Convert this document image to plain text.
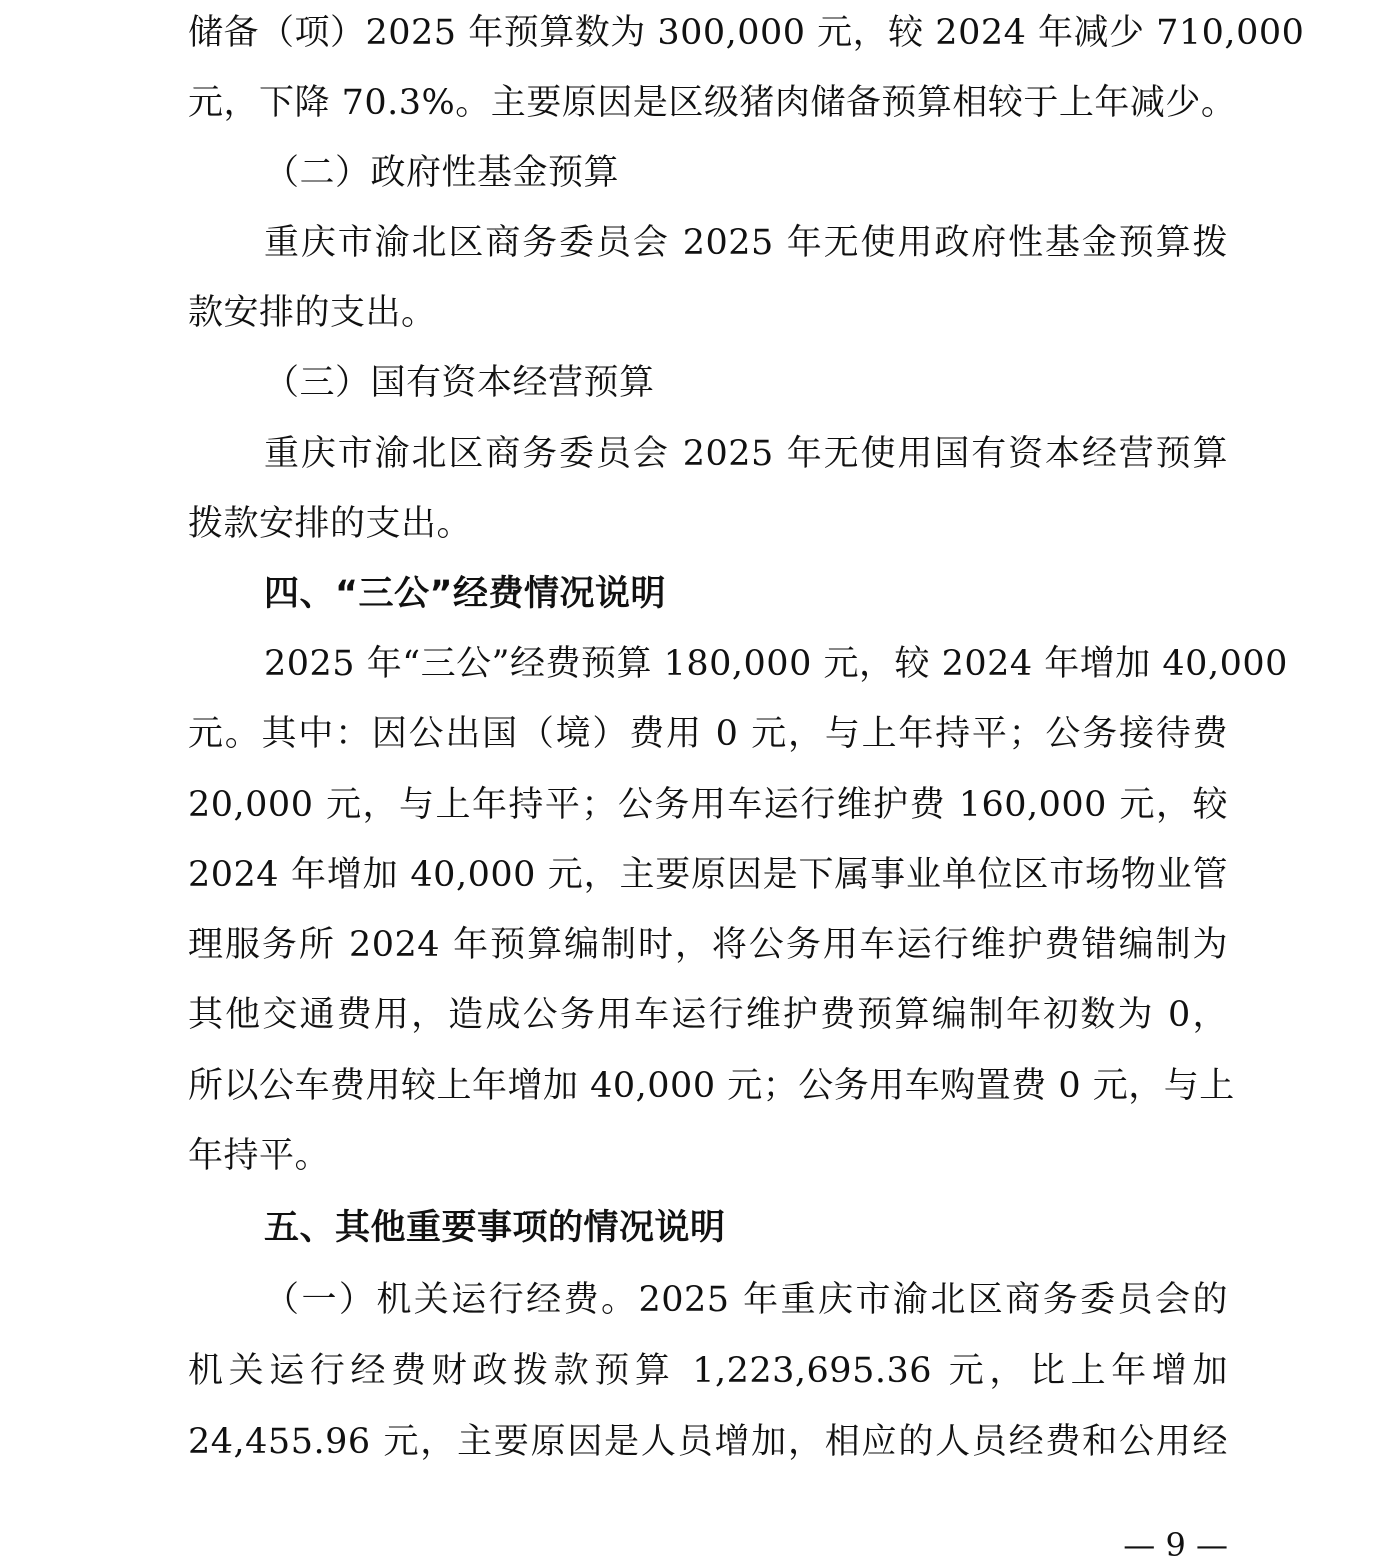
储备（项）2025 年预算数为 300,000 元，较 2024 年减少 710,000
元，下降 70.3%。主要原因是区级猪肉储备预算相较于上年减少。
（二）政府性基金预算
重庆市渝北区商务委员会 2025 年无使用政府性基金预算拨
款安排的支出。
（三）国有资本经营预算
重庆市渝北区商务委员会 2025 年无使用国有资本经营预算
拨款安排的支出。
四、“三公”经费情况说明
2025 年“三公”经费预算 180,000 元，较 2024 年增加 40,000
元。其中：因公出国（境）费用 0 元，与上年持平；公务接待费
20,000 元，与上年持平；公务用车运行维护费 160,000 元，较
2024 年增加 40,000 元，主要原因是下属事业单位区市场物业管
理服务所 2024 年预算编制时，将公务用车运行维护费错编制为
其他交通费用，造成公务用车运行维护费预算编制年初数为 0，
所以公车费用较上年增加 40,000 元；公务用车购置费 0 元，与上
年持平。
五、其他重要事项的情况说明
（一）机关运行经费。2025 年重庆市渝北区商务委员会的
机关运行经费财政拨款预算 1,223,695.36 元，比上年增加
24,455.96 元，主要原因是人员增加，相应的人员经费和公用经
— 9 —
